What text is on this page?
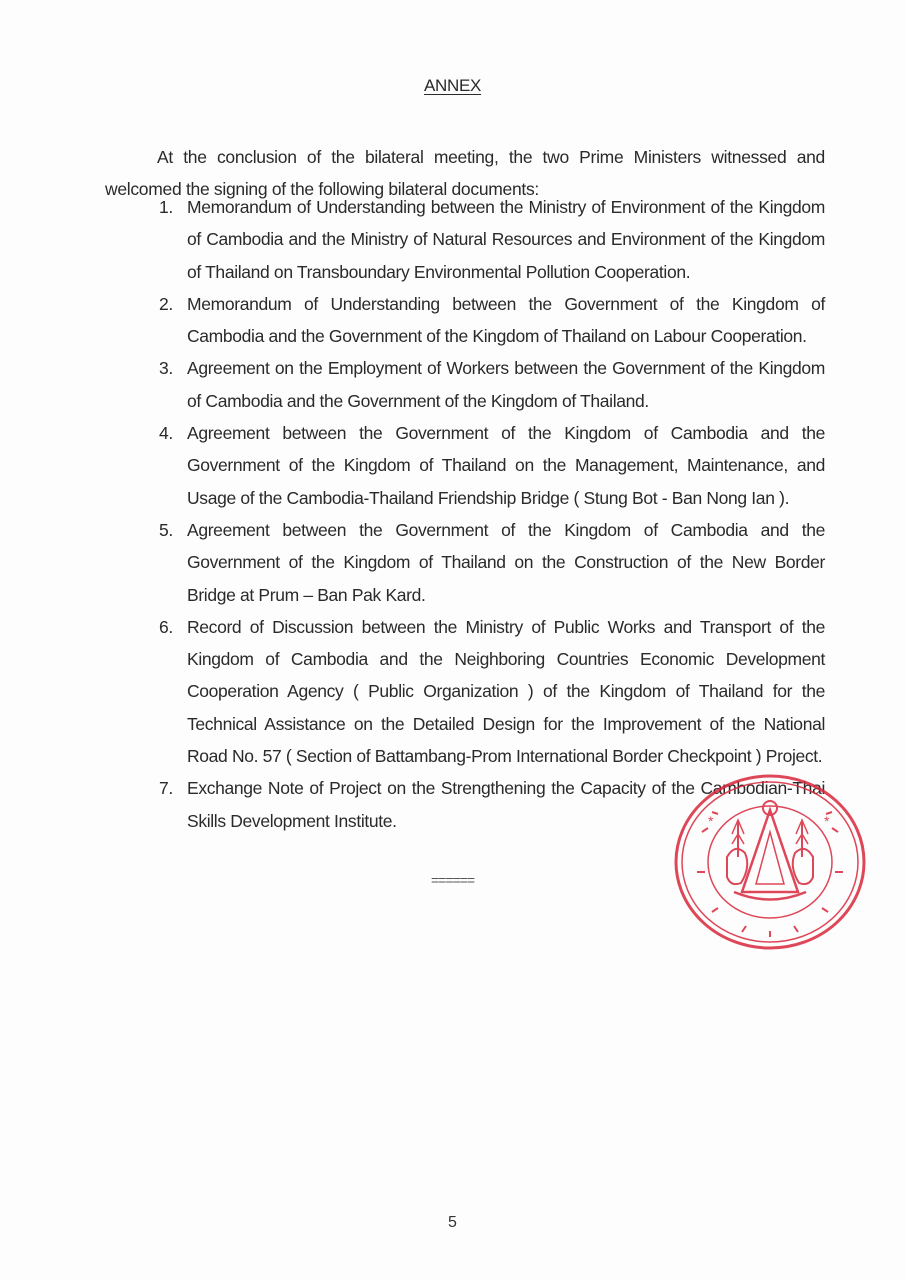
ANNEX

At the conclusion of the bilateral meeting, the two Prime Ministers witnessed and welcomed the signing of the following bilateral documents:

1. Memorandum of Understanding between the Ministry of Environment of the Kingdom of Cambodia and the Ministry of Natural Resources and Environment of the Kingdom of Thailand on Transboundary Environmental Pollution Cooperation.
2. Memorandum of Understanding between the Government of the Kingdom of Cambodia and the Government of the Kingdom of Thailand on Labour Cooperation.
3. Agreement on the Employment of Workers between the Government of the Kingdom of Cambodia and the Government of the Kingdom of Thailand.
4. Agreement between the Government of the Kingdom of Cambodia and the Government of the Kingdom of Thailand on the Management, Maintenance, and Usage of the Cambodia-Thailand Friendship Bridge ( Stung Bot - Ban Nong Ian ).
5. Agreement between the Government of the Kingdom of Cambodia and the Government of the Kingdom of Thailand on the Construction of the New Border Bridge at Prum – Ban Pak Kard.
6. Record of Discussion between the Ministry of Public Works and Transport of the Kingdom of Cambodia and the Neighboring Countries Economic Development Cooperation Agency ( Public Organization ) of the Kingdom of Thailand for the Technical Assistance on the Detailed Design for the Improvement of the National Road No. 57 ( Section of Battambang-Prom International Border Checkpoint ) Project.
7. Exchange Note of Project on the Strengthening the Capacity of the Cambodian-Thai Skills Development Institute.	*	*
======
5
